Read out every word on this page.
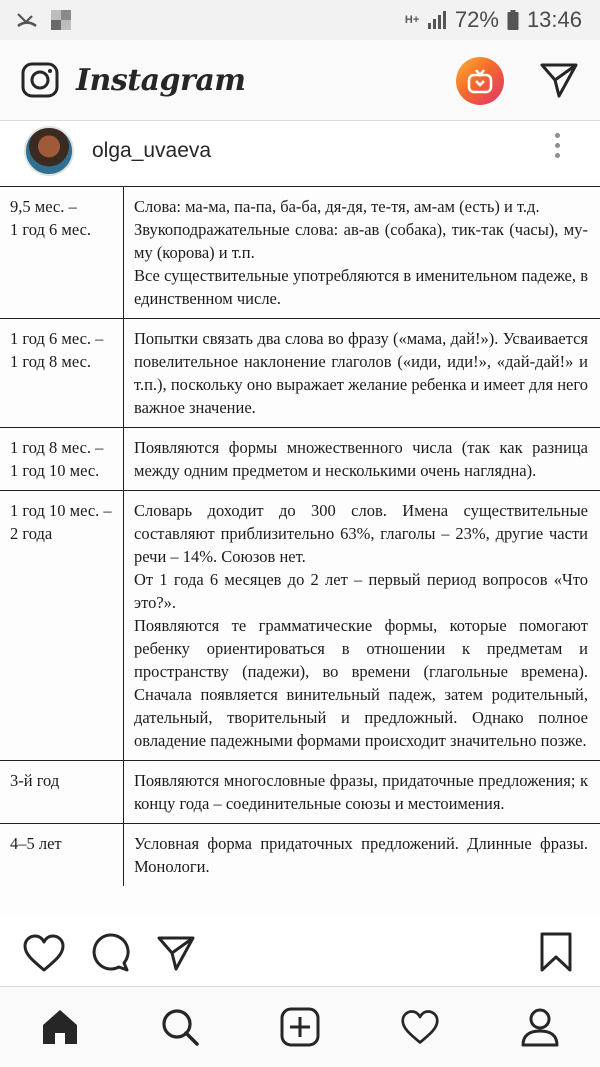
H+ 72% 13:46
Instagram
olga_uvaeva
9,5 мес. –
1 год 6 мес.

Слова: ма-ма, па-па, ба-ба, дя-дя, те-тя, ам-ам (есть) и т.д.

Звукоподражательные слова: ав-ав (собака), тик-так (часы), му-му (корова) и т.п.

Все существительные употребляются в именительном падеже, в единственном числе.

1 год 6 мес. –
1 год 8 мес.

Попытки связать два слова во фразу («мама, дай!»). Усваивается повелительное наклонение глаголов («иди, иди!», «дай-дай!» и т.п.), поскольку оно выражает желание ребенка и имеет для него важное значение.

1 год 8 мес. –
1 год 10 мес.

Появляются формы множественного числа (так как разница между одним предметом и несколькими очень наглядна).

1 год 10 мес. –
2 года

Словарь доходит до 300 слов. Имена существительные составляют приблизительно 63%, глаголы – 23%, другие части речи – 14%. Союзов нет.

От 1 года 6 месяцев до 2 лет – первый период вопросов «Что это?».

Появляются те грамматические формы, которые помогают ребенку ориентироваться в отношении к предметам и пространству (падежи), во времени (глагольные времена). Сначала появляется винительный падеж, затем родительный, дательный, творительный и предложный. Однако полное овладение падежными формами происходит значительно позже.

3-й год	Появляются многословные фразы, придаточные предложения; к концу года – соединительные союзы и местоимения.

4–5 лет	Условная форма придаточных предложений. Длинные фразы. Монологи.
